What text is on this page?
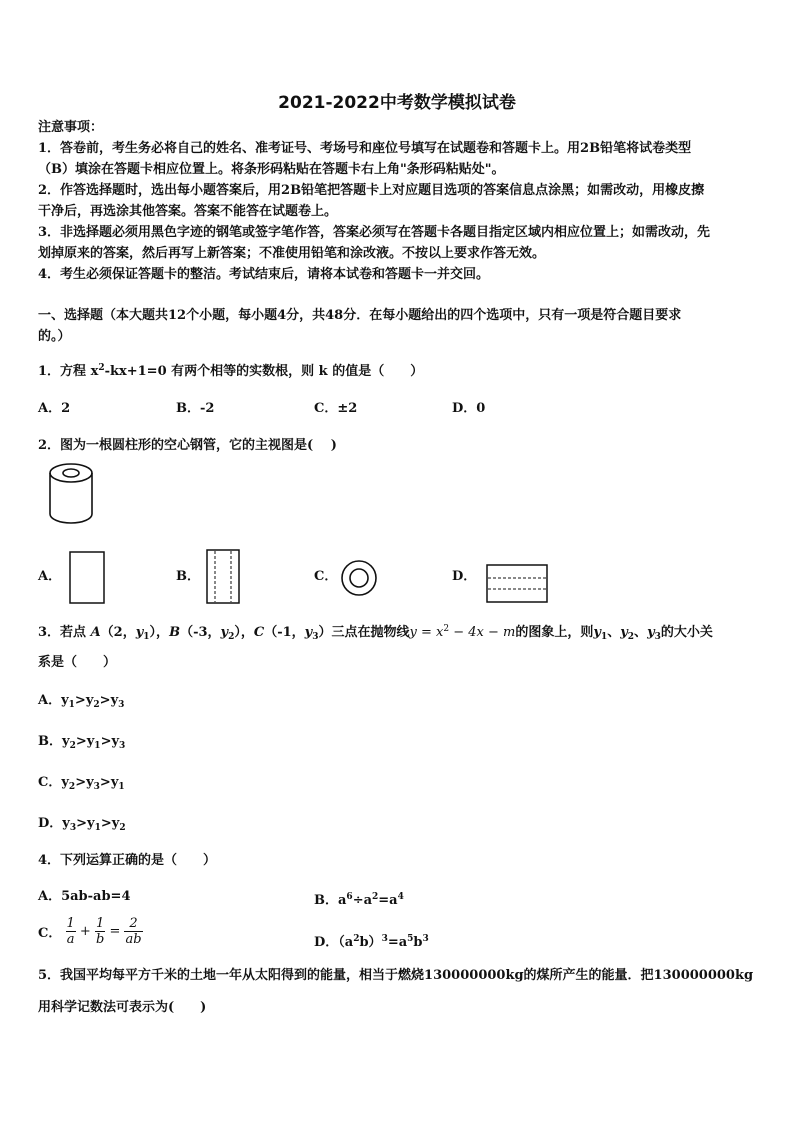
2021-2022中考数学模拟试卷
注意事项：
1．答卷前，考生务必将自己的姓名、准考证号、考场号和座位号填写在试题卷和答题卡上。用2B铅笔将试卷类型
（B）填涂在答题卡相应位置上。将条形码粘贴在答题卡右上角"条形码粘贴处"。
2．作答选择题时，选出每小题答案后，用2B铅笔把答题卡上对应题目选项的答案信息点涂黑；如需改动，用橡皮擦
干净后，再选涂其他答案。答案不能答在试题卷上。
3．非选择题必须用黑色字迹的钢笔或签字笔作答，答案必须写在答题卡各题目指定区域内相应位置上；如需改动，先
划掉原来的答案，然后再写上新答案；不准使用铅笔和涂改液。不按以上要求作答无效。
4．考生必须保证答题卡的整洁。考试结束后，请将本试卷和答题卡一并交回。
一、选择题（本大题共12个小题，每小题4分，共48分．在每小题给出的四个选项中，只有一项是符合题目要求
的。）
1．方程 $x^2-kx+1=0$ 有两个相等的实数根，则 k 的值是（　　）
A．2	B．-2	C．±2	D．0
2．图为一根圆柱形的空心钢管，它的主视图是(　 )
A．	B．	C．	D．
3．若点 A（2，$y_1$），B（-3，$y_2$），C（-1，$y_3$）三点在抛物线$y = x^2 - 4x - m$的图象上，则$y_1$、$y_2$、$y_3$的大小关
系是（　　）
A．$y_1>y_2>y_3$
B．$y_2>y_1>y_3$
C．$y_2>y_3>y_1$
D．$y_3>y_1>y_2$
4．下列运算正确的是（　　）
A．5ab-ab=4	B．$a^6\div a^2=a^4$
C． $\frac{1}{a} + \frac{1}{b} = \frac{2}{ab}$	D．$(a^2b)^3=a^5b^3$
5．我国平均每平方千米的土地一年从太阳得到的能量，相当于燃烧130000000kg的煤所产生的能量．把130000000kg
用科学记数法可表示为(　　)
